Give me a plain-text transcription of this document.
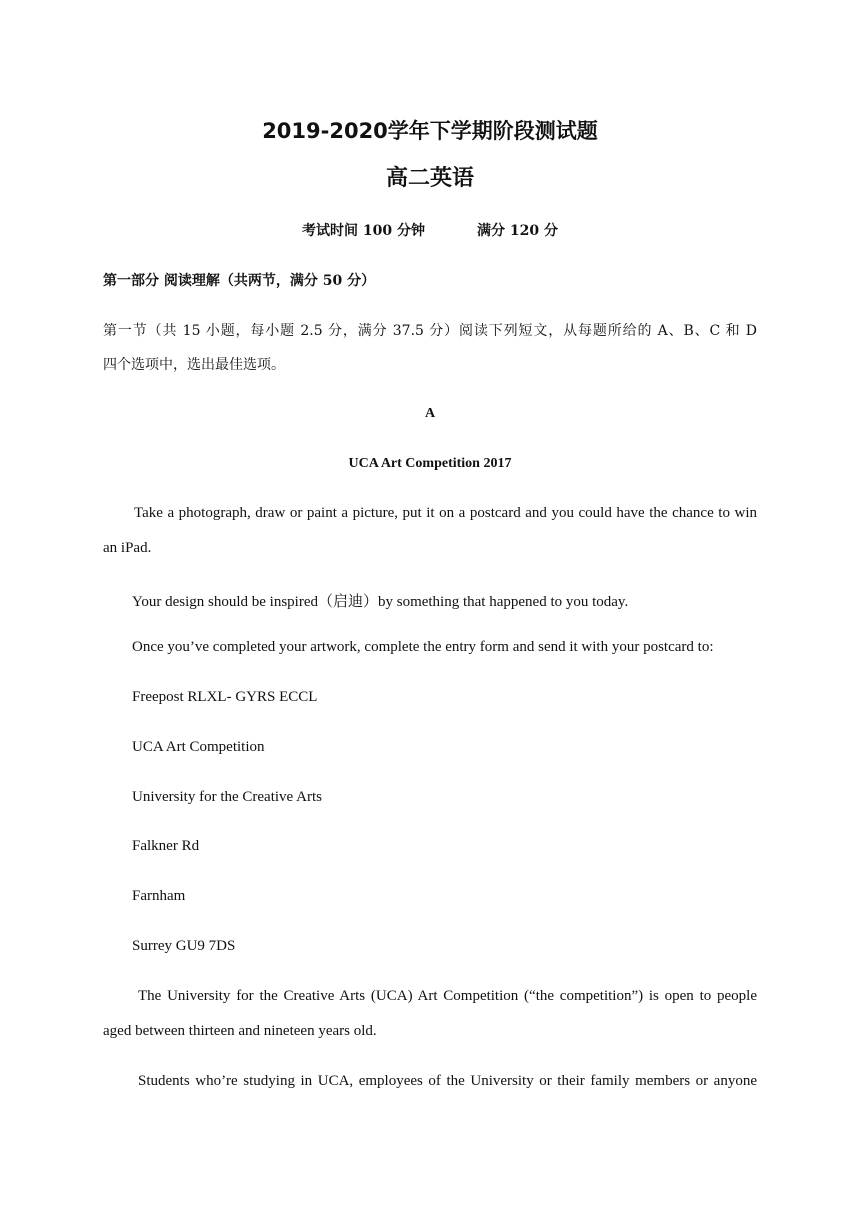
2019-2020学年下学期阶段测试题
高二英语
考试时间 100 分钟	满分 120 分
第一部分 阅读理解（共两节，满分 50 分）
第一节（共 15 小题，每小题 2.5 分，满分 37.5 分）阅读下列短文，从每题所给的 A、B、C 和 D
四个选项中，选出最佳选项。
A
UCA Art Competition 2017
Take a photograph, draw or paint a picture, put it on a postcard and you could have the chance to win
an iPad.
Your design should be inspired（启迪）by something that happened to you today.
Once you’ve completed your artwork, complete the entry form and send it with your postcard to:
Freepost RLXL- GYRS ECCL
UCA Art Competition
University for the Creative Arts
Falkner Rd
Farnham
Surrey GU9 7DS
The University for the Creative Arts (UCA) Art Competition (“the competition”) is open to people
aged between thirteen and nineteen years old.
Students who’re studying in UCA, employees of the University or their family members or anyone
